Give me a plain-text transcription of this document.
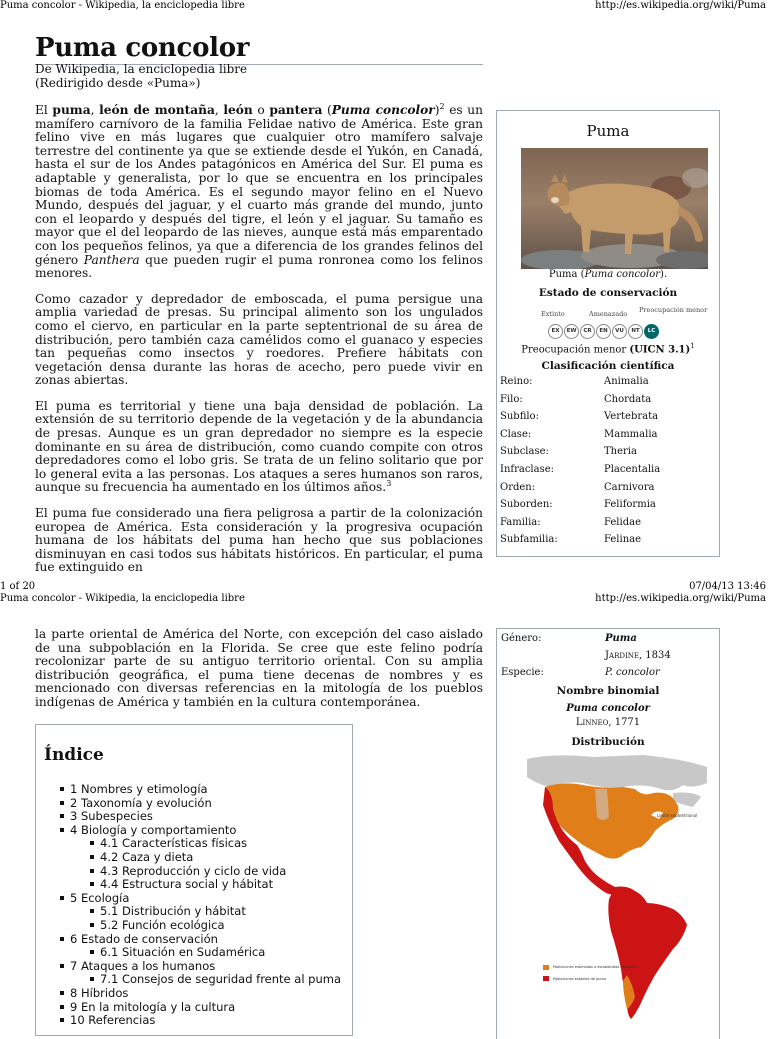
Puma concolor - Wikipedia, la enciclopedia libre	http://es.wikipedia.org/wiki/Puma
Puma concolor
De Wikipedia, la enciclopedia libre
(Redirigido desde «Puma»)

El puma, león de montaña, león o pantera (Puma concolor)$^2$ es un mamífero carnívoro de la familia Felidae nativo de América. Este gran felino vive en más lugares que cualquier otro mamífero salvaje terrestre del continente ya que se extiende desde el Yukón, en Canadá, hasta el sur de los Andes patagónicos en América del Sur. El puma es adaptable y generalista, por lo que se encuentra en los principales biomas de toda América. Es el segundo mayor felino en el Nuevo Mundo, después del jaguar, y el cuarto más grande del mundo, junto con el leopardo y después del tigre, el león y el jaguar. Su tamaño es mayor que el del leopardo de las nieves, aunque está más emparentado con los pequeños felinos, ya que a diferencia de los grandes felinos del género Panthera que pueden rugir el puma ronronea como los felinos menores.

Como cazador y depredador de emboscada, el puma persigue una amplia variedad de presas. Su principal alimento son los ungulados como el ciervo, en particular en la parte septentrional de su área de distribución, pero también caza camélidos como el guanaco y especies tan pequeñas como insectos y roedores. Prefiere hábitats con vegetación densa durante las horas de acecho, pero puede vivir en zonas abiertas.

El puma es territorial y tiene una baja densidad de población. La extensión de su territorio depende de la vegetación y de la abundancia de presas. Aunque es un gran depredador no siempre es la especie dominante en su área de distribución, como cuando compite con otros depredadores como el lobo gris. Se trata de un felino solitario que por lo general evita a las personas. Los ataques a seres humanos son raros, aunque su frecuencia ha aumentado en los últimos años.$^3$

El puma fue considerado una fiera peligrosa a partir de la colonización europea de América. Esta consideración y la progresiva ocupación humana de los hábitats del puma han hecho que sus poblaciones disminuyan en casi todos sus hábitats históricos. En particular, el puma fue extinguido en

Puma
Puma (Puma concolor).
Estado de conservación
Extinto	Amenazado Preocupación menor
EX	EW	CR	EN	VU	NT	LC
Preocupación menor (UICN 3.1)$^1$
Clasificación científica
Reino:	Animalia
Filo:	Chordata
Subfilo:	Vertebrata
Clase:	Mammalia
Subclase:	Theria
Infraclase:	Placentalia
Orden:	Carnivora
Suborden:	Feliformia
Familia:	Felidae
Subfamilia:	Felinae
1 of 20	07/04/13 13:46
Puma concolor - Wikipedia, la enciclopedia libre	http://es.wikipedia.org/wiki/Puma

la parte oriental de América del Norte, con excepción del caso aislado de una subpoblación en la Florida. Se cree que este felino podría recolonizar parte de su antiguo territorio oriental. Con su amplia distribución geográfica, el puma tiene decenas de nombres y es mencionado con diversas referencias en la mitología de los pueblos indígenas de América y también en la cultura contemporánea.

Género:	Puma
Jardine, 1834
Especie:	P. concolor
Nombre binomial
Puma concolor
Linneo, 1771
Distribución
Límite septentrional
Poblaciones estimadas o establecidas naturales
Poblaciones estables de puma
Índice
1 Nombres y etimología
2 Taxonomía y evolución
3 Subespecies
4 Biología y comportamiento
4.1 Características físicas
4.2 Caza y dieta
4.3 Reproducción y ciclo de vida
4.4 Estructura social y hábitat
5 Ecología
5.1 Distribución y hábitat
5.2 Función ecológica
6 Estado de conservación
6.1 Situación en Sudamérica
7 Ataques a los humanos
7.1 Consejos de seguridad frente al puma
8 Híbridos
9 En la mitología y la cultura
10 Referencias
